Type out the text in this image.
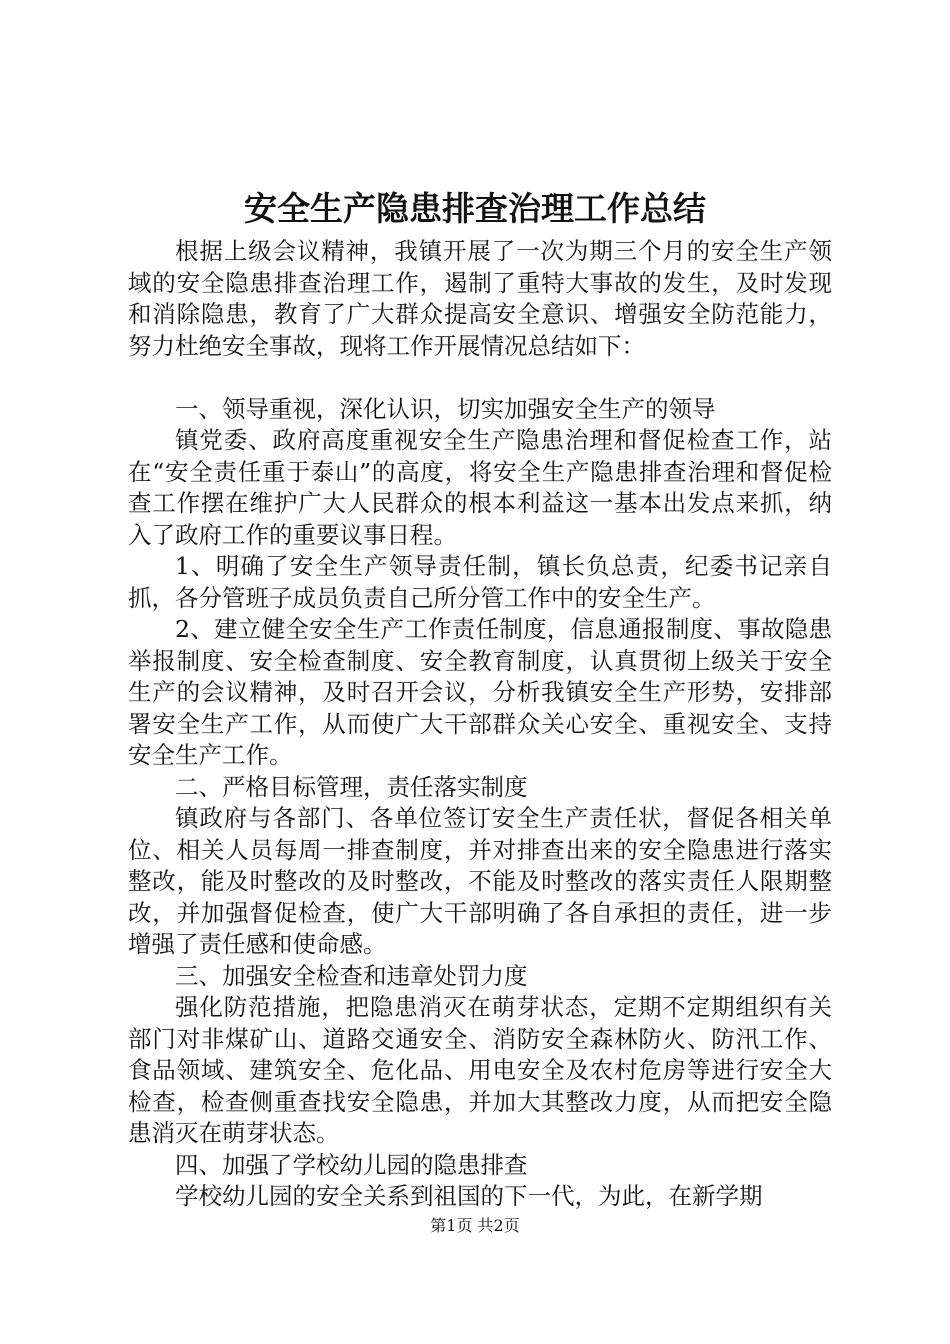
安全生产隐患排查治理工作总结

根据上级会议精神，我镇开展了一次为期三个月的安全生产领域的安全隐患排查治理工作，遏制了重特大事故的发生，及时发现和消除隐患，教育了广大群众提高安全意识、增强安全防范能力，努力杜绝安全事故，现将工作开展情况总结如下：

一、领导重视，深化认识，切实加强安全生产的领导

镇党委、政府高度重视安全生产隐患治理和督促检查工作，站在“安全责任重于泰山”的高度，将安全生产隐患排查治理和督促检查工作摆在维护广大人民群众的根本利益这一基本出发点来抓，纳入了政府工作的重要议事日程。

1、明确了安全生产领导责任制，镇长负总责，纪委书记亲自抓，各分管班子成员负责自己所分管工作中的安全生产。

2、建立健全安全生产工作责任制度，信息通报制度、事故隐患举报制度、安全检查制度、安全教育制度，认真贯彻上级关于安全生产的会议精神，及时召开会议，分析我镇安全生产形势，安排部署安全生产工作，从而使广大干部群众关心安全、重视安全、支持安全生产工作。

二、严格目标管理，责任落实制度

镇政府与各部门、各单位签订安全生产责任状，督促各相关单位、相关人员每周一排查制度，并对排查出来的安全隐患进行落实整改，能及时整改的及时整改，不能及时整改的落实责任人限期整改，并加强督促检查，使广大干部明确了各自承担的责任，进一步增强了责任感和使命感。

三、加强安全检查和违章处罚力度

强化防范措施，把隐患消灭在萌芽状态，定期不定期组织有关部门对非煤矿山、道路交通安全、消防安全森林防火、防汛工作、食品领域、建筑安全、危化品、用电安全及农村危房等进行安全大检查，检查侧重查找安全隐患，并加大其整改力度，从而把安全隐患消灭在萌芽状态。

四、加强了学校幼儿园的隐患排查

学校幼儿园的安全关系到祖国的下一代，为此，在新学期

第1页 共2页
